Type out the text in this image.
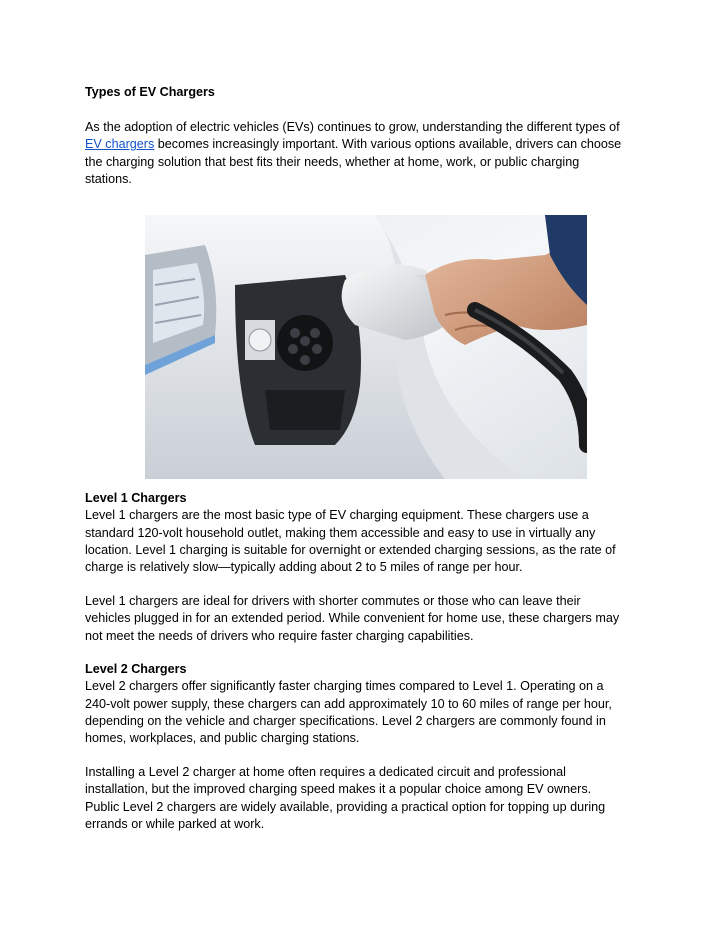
Types of EV Chargers
As the adoption of electric vehicles (EVs) continues to grow, understanding the different types of
EV chargers becomes increasingly important. With various options available, drivers can choose
the charging solution that best fits their needs, whether at home, work, or public charging
stations.
Level 1 Chargers
Level 1 chargers are the most basic type of EV charging equipment. These chargers use a
standard 120-volt household outlet, making them accessible and easy to use in virtually any
location. Level 1 charging is suitable for overnight or extended charging sessions, as the rate of
charge is relatively slow—typically adding about 2 to 5 miles of range per hour.
Level 1 chargers are ideal for drivers with shorter commutes or those who can leave their
vehicles plugged in for an extended period. While convenient for home use, these chargers may
not meet the needs of drivers who require faster charging capabilities.
Level 2 Chargers
Level 2 chargers offer significantly faster charging times compared to Level 1. Operating on a
240-volt power supply, these chargers can add approximately 10 to 60 miles of range per hour,
depending on the vehicle and charger specifications. Level 2 chargers are commonly found in
homes, workplaces, and public charging stations.
Installing a Level 2 charger at home often requires a dedicated circuit and professional
installation, but the improved charging speed makes it a popular choice among EV owners.
Public Level 2 chargers are widely available, providing a practical option for topping up during
errands or while parked at work.
